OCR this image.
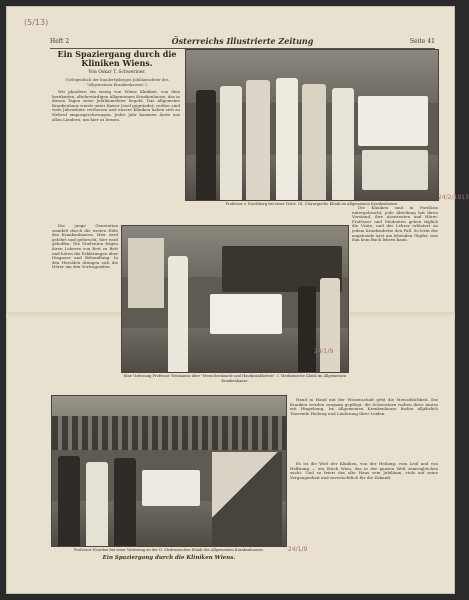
(5/13)
Heft 2	Österreichs Illustrierte Zeitung	Seite 41
Ein Spaziergang durch die
Kliniken Wiens.
Von Oskar T. Schweriner.
(Gelegentlich der hundertjährigen Jubiläumsfeier des "Allgemeinen Krankenhauses".)

Wir plaudern ein wenig von Wiens Kliniken, von dem berühmten, altehrwürdigen Allgemeinen Krankenhause, das in diesen Tagen seine Jubiläumsfeier begeht. Das Allgemeine Krankenhaus wurde unter Kaiser Josef gegründet; seither sind viele Jahrzehnte verflossen und unsere Kliniken haben sich zu Weltruf emporgeschwungen. Jedes Jahr kommen Ärzte aus allen Ländern, um hier zu lernen.

Professor v. Eiselsberg bei einer Visite. III. Chirurgische Klinik im Allgemeinen Krankenhause.

Die junge Generation wandelt durch die weiten Höfe des Krankenhauses. Hier wird gelehrt und geforscht, hier wird geholfen. Die Studenten folgen ihren Lehrern von Bett zu Bett und hören die Erklärungen über Diagnose und Behandlung. In den Hörsälen drängen sich die Hörer um den Vortragenden.

Eine Vorlesung Professor Neumanns über "Menschenkunde und Hautkrankheiten". I. Medizinische Klinik im Allgemeinen Krankenhause.

Die Kliniken sind in Pavillons untergebracht; jede Abteilung hat ihren Vorstand, ihre Assistenten und Hörer. Professor und Studenten gehen täglich die Visite, und der Lehrer erläutert an jedem Krankenbette den Fall. So lernt der angehende Arzt am lebenden Objekt, was ihm kein Buch lehren kann.

24/2/1913
24/1/9
Professor Noorden bei einer Vorlesung an der II. Medizinischen Klinik des Allgemeinen Krankenhauses.
Ein Spaziergang durch die Kliniken Wiens.
24/1/9

Hand in Hand mit der Wissenschaft geht die Menschlichkeit. Die Kranken werden sorgsam gepflegt, die Schwestern walten ihres Amtes mit Hingebung. Im Allgemeinen Krankenhause finden alljährlich Tausende Heilung und Linderung ihrer Leiden.

Es ist die Welt der Kliniken, von der Heilung, vom Leid und von Hoffnung — ein Stück Wien, das in der ganzen Welt seinesgleichen sucht. Und so feiert das alte Haus sein Jubiläum, stolz auf seine Vergangenheit und zuversichtlich für die Zukunft.
